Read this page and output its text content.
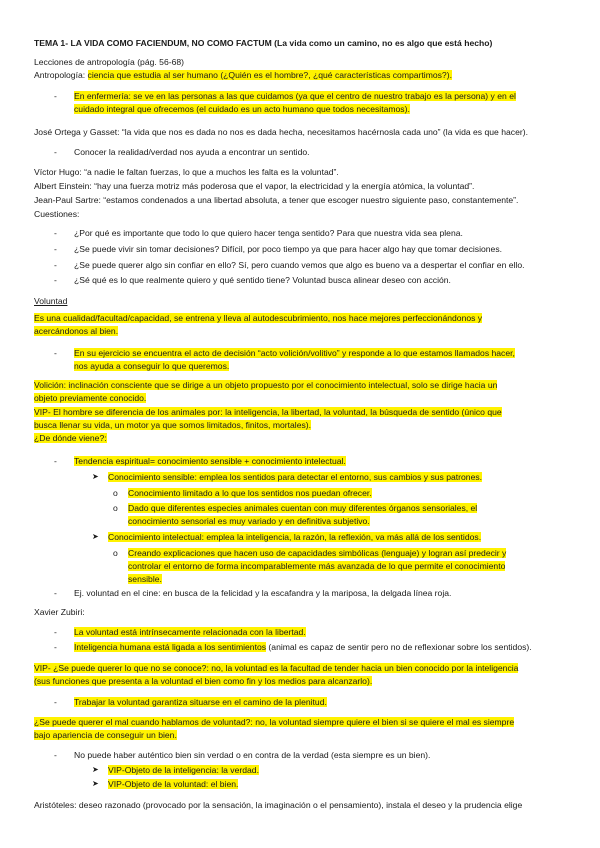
TEMA 1- LA VIDA COMO FACIENDUM, NO COMO FACTUM (La vida como un camino, no es algo que está hecho)
Lecciones de antropología (pág. 56-68)
Antropología: ciencia que estudia al ser humano (¿Quién es el hombre?, ¿qué características compartimos?).
- En enfermería: se ve en las personas a las que cuidamos (ya que el centro de nuestro trabajo es la persona) y en el
cuidado integral que ofrecemos (el cuidado es un acto humano que todos necesitamos).
José Ortega y Gasset: “la vida que nos es dada no nos es dada hecha, necesitamos hacérnosla cada uno” (la vida es que hacer).
- Conocer la realidad/verdad nos ayuda a encontrar un sentido.
Víctor Hugo: “a nadie le faltan fuerzas, lo que a muchos les falta es la voluntad”.
Albert Einstein: “hay una fuerza motriz más poderosa que el vapor, la electricidad y la energía atómica, la voluntad”.
Jean-Paul Sartre: “estamos condenados a una libertad absoluta, a tener que escoger nuestro siguiente paso, constantemente”.
Cuestiones:
- ¿Por qué es importante que todo lo que quiero hacer tenga sentido? Para que nuestra vida sea plena.
- ¿Se puede vivir sin tomar decisiones? Difícil, por poco tiempo ya que para hacer algo hay que tomar decisiones.
- ¿Se puede querer algo sin confiar en ello? Sí, pero cuando vemos que algo es bueno va a despertar el confiar en ello.
- ¿Sé qué es lo que realmente quiero y qué sentido tiene? Voluntad busca alinear deseo con acción.
Voluntad
Es una cualidad/facultad/capacidad, se entrena y lleva al autodescubrimiento, nos hace mejores perfeccionándonos y
acercándonos al bien.
- En su ejercicio se encuentra el acto de decisión “acto volición/volitivo” y responde a lo que estamos llamados hacer,
nos ayuda a conseguir lo que queremos.
Volición: inclinación consciente que se dirige a un objeto propuesto por el conocimiento intelectual, solo se dirige hacia un
objeto previamente conocido.
VIP- El hombre se diferencia de los animales por: la inteligencia, la libertad, la voluntad, la búsqueda de sentido (único que
busca llenar su vida, un motor ya que somos limitados, finitos, mortales).
¿De dónde viene?:
- Tendencia espiritual= conocimiento sensible + conocimiento intelectual.
➤ Conocimiento sensible: emplea los sentidos para detectar el entorno, sus cambios y sus patrones.
o Conocimiento limitado a lo que los sentidos nos puedan ofrecer.
o Dado que diferentes especies animales cuentan con muy diferentes órganos sensoriales, el
conocimiento sensorial es muy variado y en definitiva subjetivo.
➤ Conocimiento intelectual: emplea la inteligencia, la razón, la reflexión, va más allá de los sentidos.
o Creando explicaciones que hacen uso de capacidades simbólicas (lenguaje) y logran así predecir y
controlar el entorno de forma incomparablemente más avanzada de lo que permite el conocimiento
sensible.
- Ej. voluntad en el cine: en busca de la felicidad y la escafandra y la mariposa, la delgada línea roja.
Xavier Zubiri:
- La voluntad está intrínsecamente relacionada con la libertad.
- Inteligencia humana está ligada a los sentimientos (animal es capaz de sentir pero no de reflexionar sobre los sentidos).
VIP- ¿Se puede querer lo que no se conoce?: no, la voluntad es la facultad de tender hacia un bien conocido por la inteligencia
(sus funciones que presenta a la voluntad el bien como fin y los medios para alcanzarlo).
- Trabajar la voluntad garantiza situarse en el camino de la plenitud.
¿Se puede querer el mal cuando hablamos de voluntad?: no, la voluntad siempre quiere el bien si se quiere el mal es siempre
bajo apariencia de conseguir un bien.
- No puede haber auténtico bien sin verdad o en contra de la verdad (esta siempre es un bien).
➤ VIP-Objeto de la inteligencia: la verdad.
➤ VIP-Objeto de la voluntad: el bien.
Aristóteles: deseo razonado (provocado por la sensación, la imaginación o el pensamiento), instala el deseo y la prudencia elige
